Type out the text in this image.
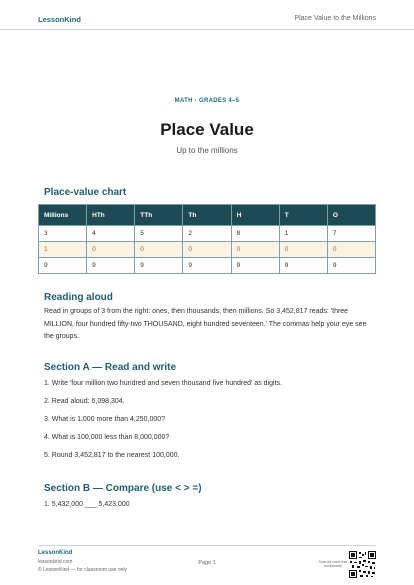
LessonKind	Place Value to the Millions
MATH · GRADES 4–5
Place Value
Up to the millions
Place-value chart
Millions	HTh	TTh	Th	H	T	O
3	4	5	2	8	1	7
1	0	0	0	0	0	0
9	9	9	9	9	9	9
Reading aloud

Read in groups of 3 from the right: ones, then thousands, then millions. So 3,452,817 reads: 'three MILLION, four hundred fifty-two THOUSAND, eight hundred seventeen.' The commas help your eye see the groups.

Section A — Read and write

1. Write 'four million two hundred and seven thousand five hundred' as digits.

2. Read aloud: 6,098,304.

3. What is 1,000 more than 4,250,000?

4. What is 100,000 less than 8,000,000?

5. Round 3,452,817 to the nearest 100,000.

Section B — Compare (use < > =)

1. 5,432,000 ___ 5,423,000

LessonKind
lessonkind.com
© LessonKind — for classroom use only
Page 1	Scan for more free worksheets
